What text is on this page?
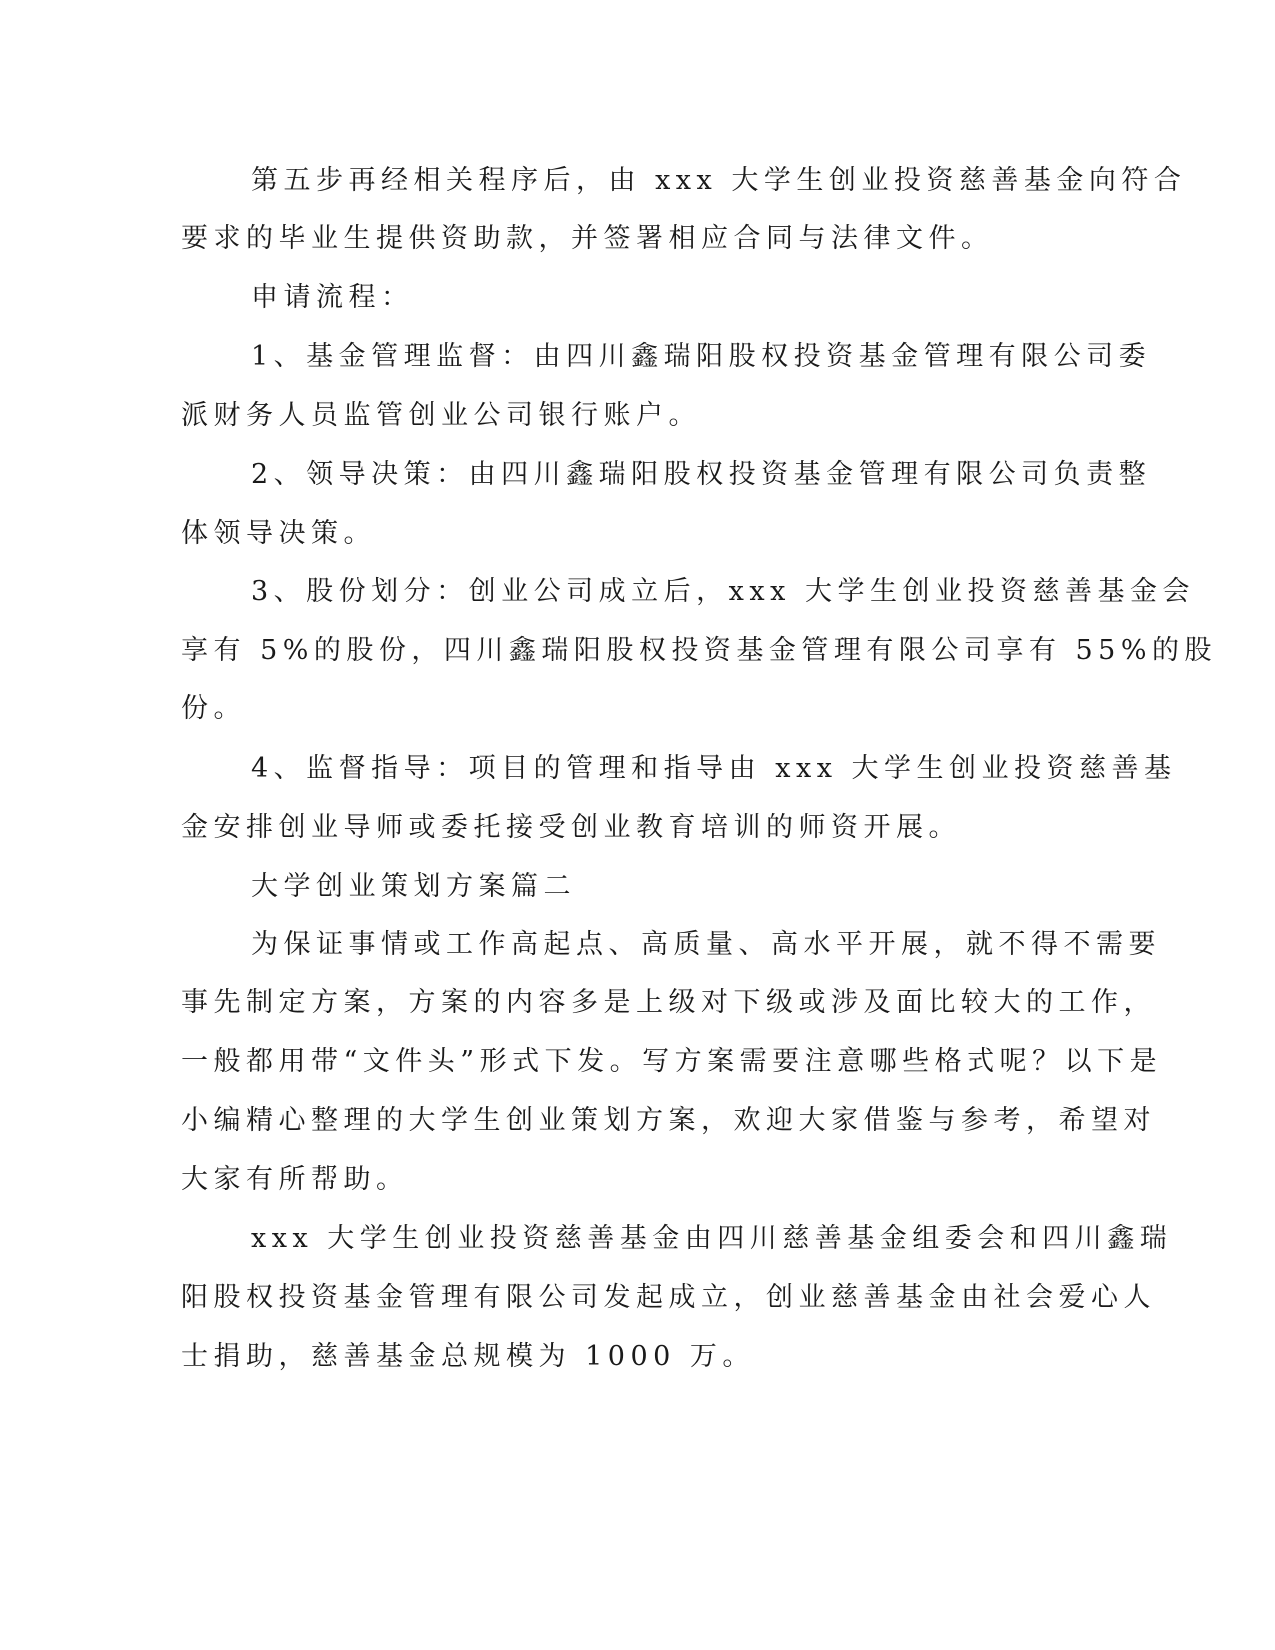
第五步再经相关程序后，由 xxx 大学生创业投资慈善基金向符合
要求的毕业生提供资助款，并签署相应合同与法律文件。
申请流程：
1、基金管理监督：由四川鑫瑞阳股权投资基金管理有限公司委
派财务人员监管创业公司银行账户。
2、领导决策：由四川鑫瑞阳股权投资基金管理有限公司负责整
体领导决策。
3、股份划分：创业公司成立后，xxx 大学生创业投资慈善基金会
享有 5%的股份，四川鑫瑞阳股权投资基金管理有限公司享有 55%的股
份。
4、监督指导：项目的管理和指导由 xxx 大学生创业投资慈善基
金安排创业导师或委托接受创业教育培训的师资开展。
大学创业策划方案篇二
为保证事情或工作高起点、高质量、高水平开展，就不得不需要
事先制定方案，方案的内容多是上级对下级或涉及面比较大的工作，
一般都用带“文件头”形式下发。写方案需要注意哪些格式呢？以下是
小编精心整理的大学生创业策划方案，欢迎大家借鉴与参考，希望对
大家有所帮助。
xxx 大学生创业投资慈善基金由四川慈善基金组委会和四川鑫瑞
阳股权投资基金管理有限公司发起成立，创业慈善基金由社会爱心人
士捐助，慈善基金总规模为 1000 万。
